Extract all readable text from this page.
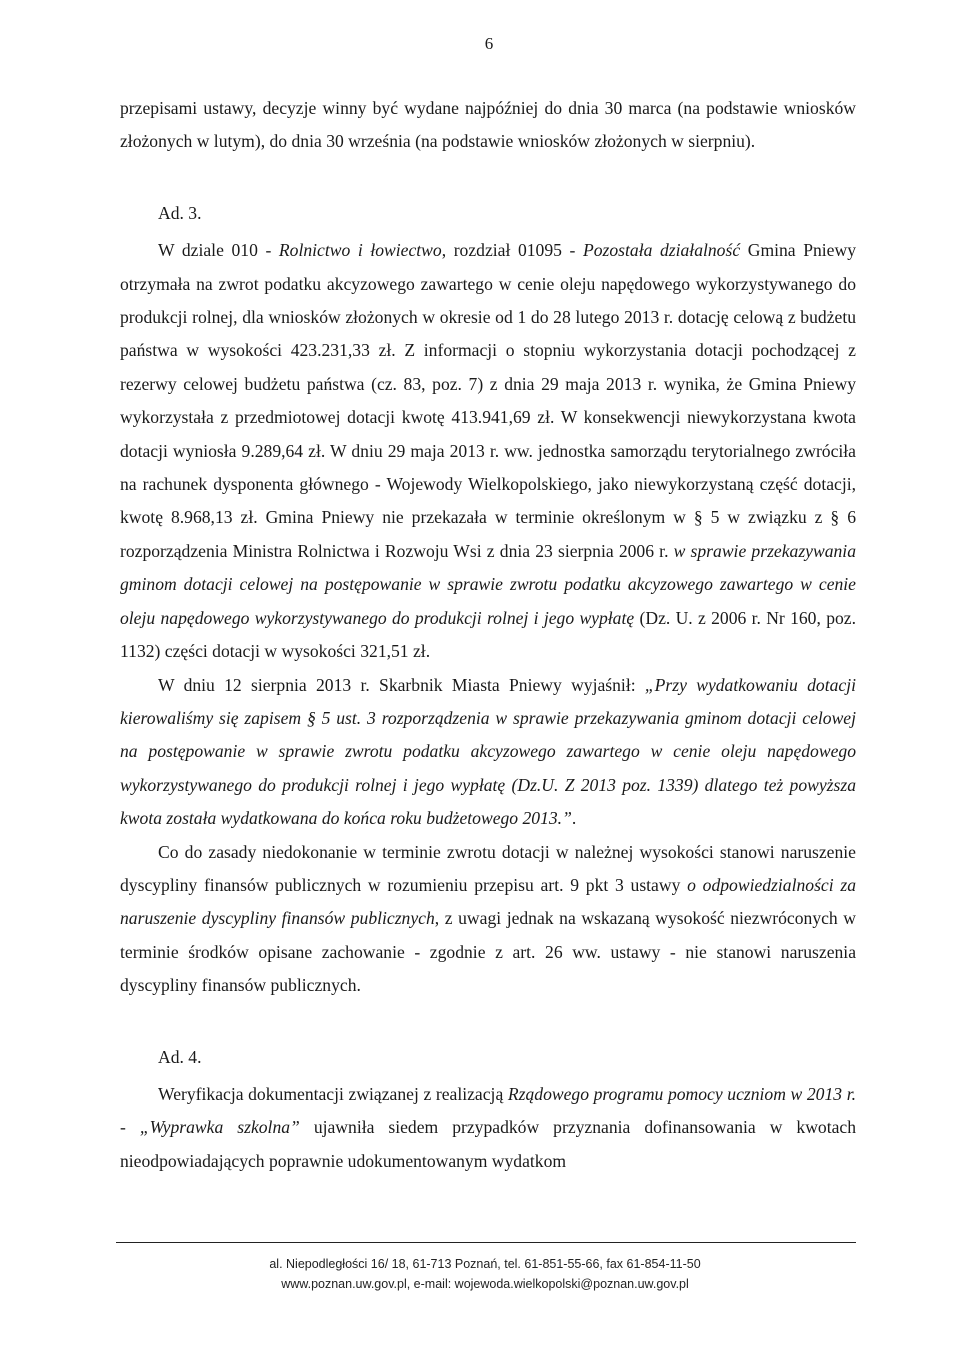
6

przepisami ustawy, decyzje winny być wydane najpóźniej do dnia 30 marca (na podstawie wniosków złożonych w lutym), do dnia 30 września (na podstawie wniosków złożonych w sierpniu).

Ad. 3.

W dziale 010 - Rolnictwo i łowiectwo, rozdział 01095 - Pozostała działalność Gmina Pniewy otrzymała na zwrot podatku akcyzowego zawartego w cenie oleju napędowego wykorzystywanego do produkcji rolnej, dla wniosków złożonych w okresie od 1 do 28 lutego 2013 r. dotację celową z budżetu państwa w wysokości 423.231,33 zł. Z informacji o stopniu wykorzystania dotacji pochodzącej z rezerwy celowej budżetu państwa (cz. 83, poz. 7) z dnia 29 maja 2013 r. wynika, że Gmina Pniewy wykorzystała z przedmiotowej dotacji kwotę 413.941,69 zł. W konsekwencji niewykorzystana kwota dotacji wyniosła 9.289,64 zł. W dniu 29 maja 2013 r. ww. jednostka samorządu terytorialnego zwróciła na rachunek dysponenta głównego - Wojewody Wielkopolskiego, jako niewykorzystaną część dotacji, kwotę 8.968,13 zł. Gmina Pniewy nie przekazała w terminie określonym w § 5 w związku z § 6 rozporządzenia Ministra Rolnictwa i Rozwoju Wsi z dnia 23 sierpnia 2006 r. w sprawie przekazywania gminom dotacji celowej na postępowanie w sprawie zwrotu podatku akcyzowego zawartego w cenie oleju napędowego wykorzystywanego do produkcji rolnej i jego wypłatę (Dz. U. z 2006 r. Nr 160, poz. 1132) części dotacji w wysokości 321,51 zł.

W dniu 12 sierpnia 2013 r. Skarbnik Miasta Pniewy wyjaśnił: „Przy wydatkowaniu dotacji kierowaliśmy się zapisem § 5 ust. 3 rozporządzenia w sprawie przekazywania gminom dotacji celowej na postępowanie w sprawie zwrotu podatku akcyzowego zawartego w cenie oleju napędowego wykorzystywanego do produkcji rolnej i jego wypłatę (Dz.U. Z 2013 poz. 1339) dlatego też powyższa kwota została wydatkowana do końca roku budżetowego 2013.”.

Co do zasady niedokonanie w terminie zwrotu dotacji w należnej wysokości stanowi naruszenie dyscypliny finansów publicznych w rozumieniu przepisu art. 9 pkt 3 ustawy o odpowiedzialności za naruszenie dyscypliny finansów publicznych, z uwagi jednak na wskazaną wysokość niezwróconych w terminie środków opisane zachowanie - zgodnie z art. 26 ww. ustawy - nie stanowi naruszenia dyscypliny finansów publicznych.

Ad. 4.

Weryfikacja dokumentacji związanej z realizacją Rządowego programu pomocy uczniom w 2013 r. - „Wyprawka szkolna” ujawniła siedem przypadków przyznania dofinansowania w kwotach nieodpowiadających poprawnie udokumentowanym wydatkom

al. Niepodległości 16/ 18, 61-713 Poznań, tel. 61-851-55-66, fax 61-854-11-50
www.poznan.uw.gov.pl, e-mail: wojewoda.wielkopolski@poznan.uw.gov.pl
